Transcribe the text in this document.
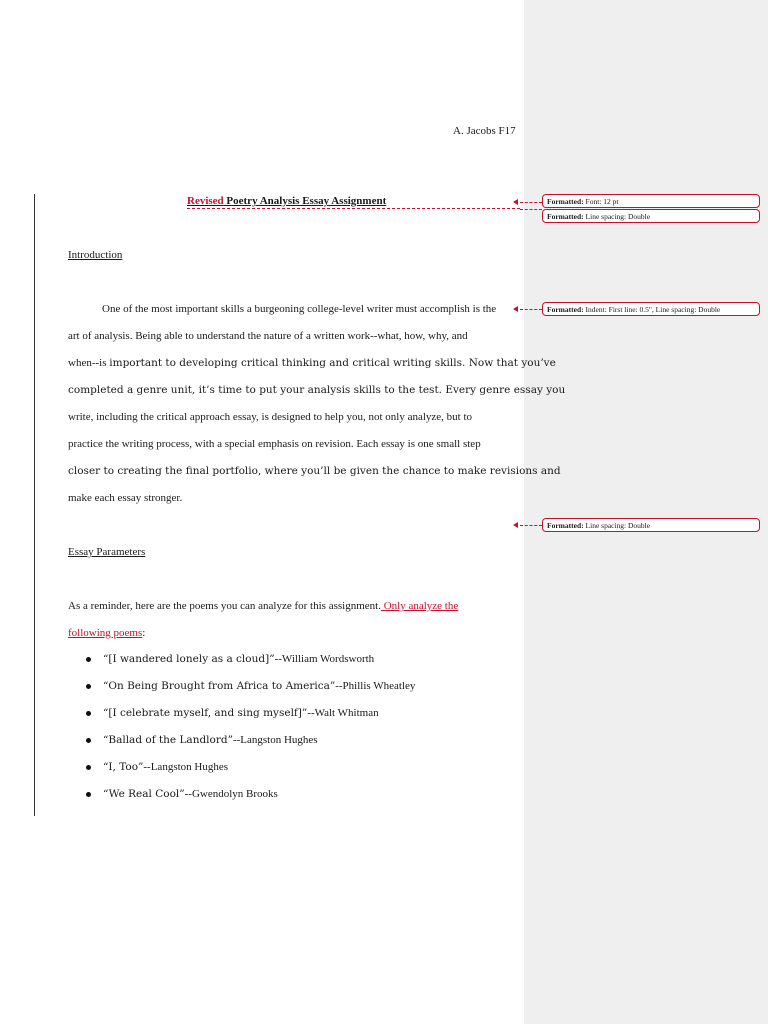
A. Jacobs F17
Revised Poetry Analysis Essay Assignment
Introduction
One of the most important skills a burgeoning college-level writer must accomplish is the
art of analysis. Being able to understand the nature of a written work--what, how, why, and
when--is important to developing critical thinking and critical writing skills. Now that you’ve
completed a genre unit, it’s time to put your analysis skills to the test. Every genre essay you
write, including the critical approach essay, is designed to help you, not only analyze, but to
practice the writing process, with a special emphasis on revision. Each essay is one small step
closer to creating the final portfolio, where you’ll be given the chance to make revisions and
make each essay stronger.
Essay Parameters
As a reminder, here are the poems you can analyze for this assignment. Only analyze the
following poems:
“[I wandered lonely as a cloud]”--William Wordsworth
“On Being Brought from Africa to America”--Phillis Wheatley
“[I celebrate myself, and sing myself]”--Walt Whitman
“Ballad of the Landlord”--Langston Hughes
“I, Too”--Langston Hughes
“We Real Cool”--Gwendolyn Brooks
Formatted: Font: 12 pt
Formatted: Line spacing: Double
Formatted: Indent: First line: 0.5", Line spacing: Double
Formatted: Line spacing: Double
